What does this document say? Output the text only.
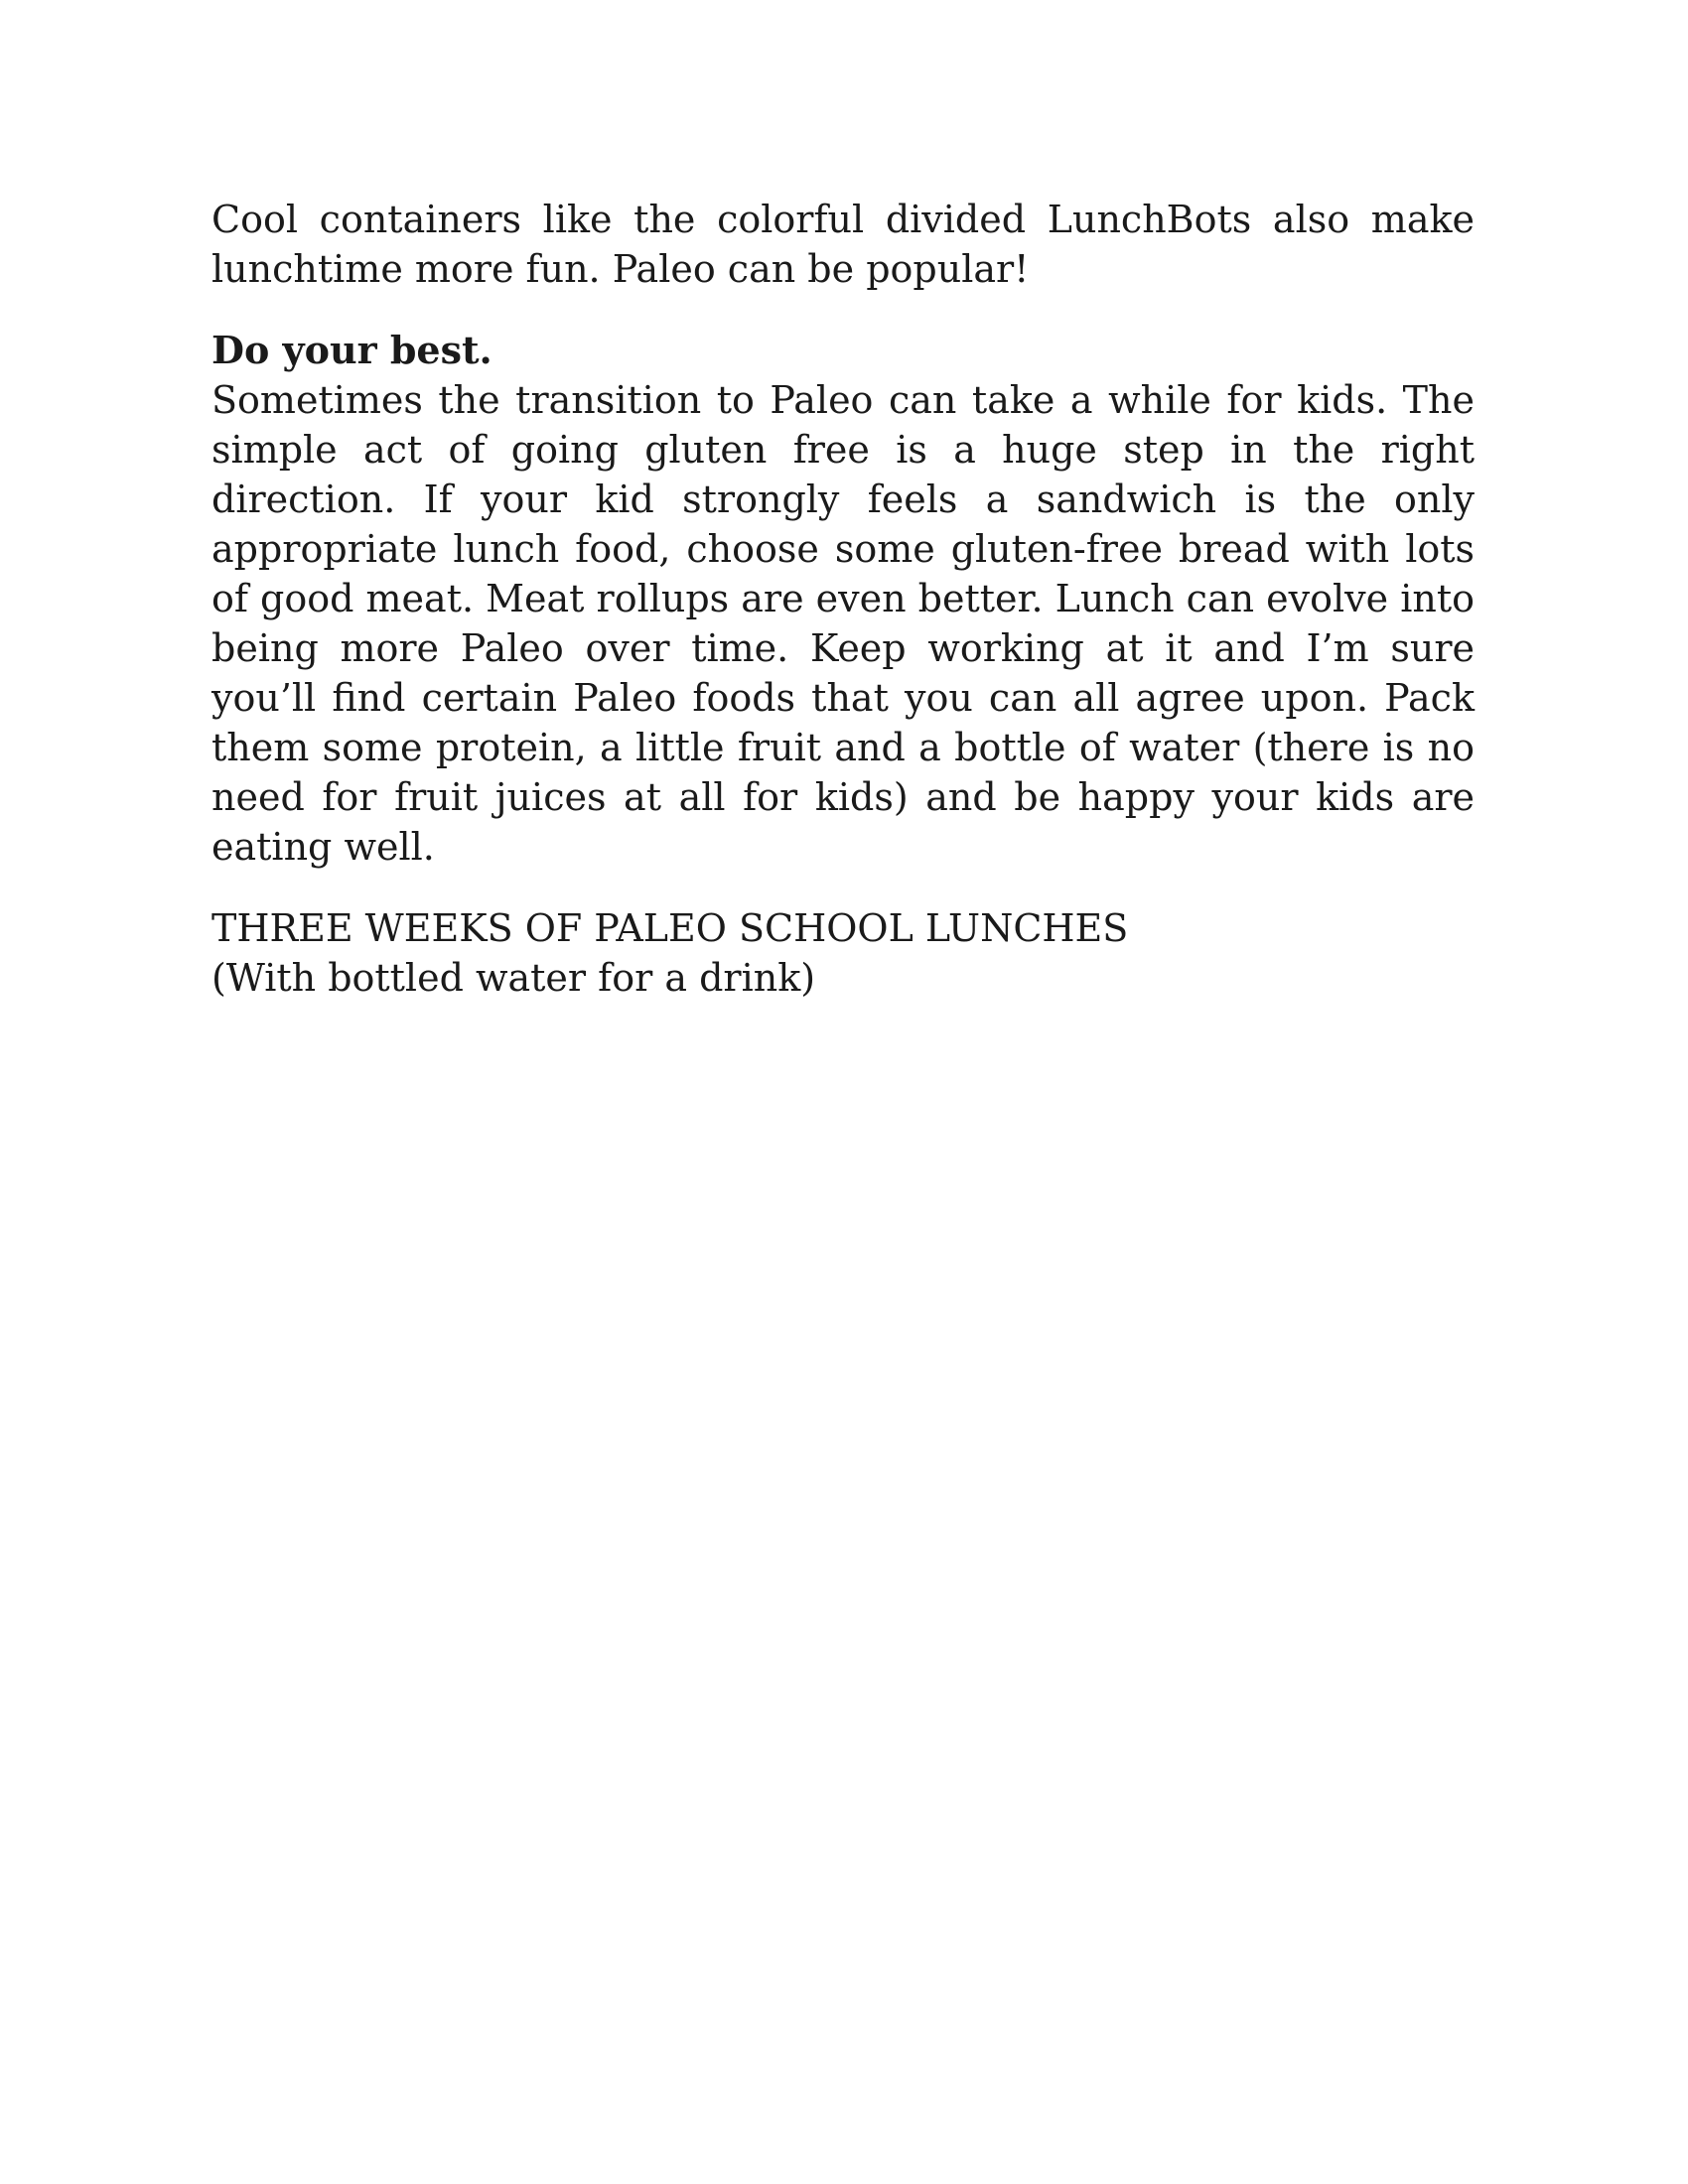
Cool containers like the colorful divided LunchBots also make lunchtime more fun. Paleo can be popular!

Do your best.

Sometimes the transition to Paleo can take a while for kids. The simple act of going gluten free is a huge step in the right direction. If your kid strongly feels a sandwich is the only appropriate lunch food, choose some gluten-free bread with lots of good meat. Meat rollups are even better. Lunch can evolve into being more Paleo over time. Keep working at it and I’m sure you’ll find certain Paleo foods that you can all agree upon. Pack them some protein, a little fruit and a bottle of water (there is no need for fruit juices at all for kids) and be happy your kids are eating well.

THREE WEEKS OF PALEO SCHOOL LUNCHES

(With bottled water for a drink)
